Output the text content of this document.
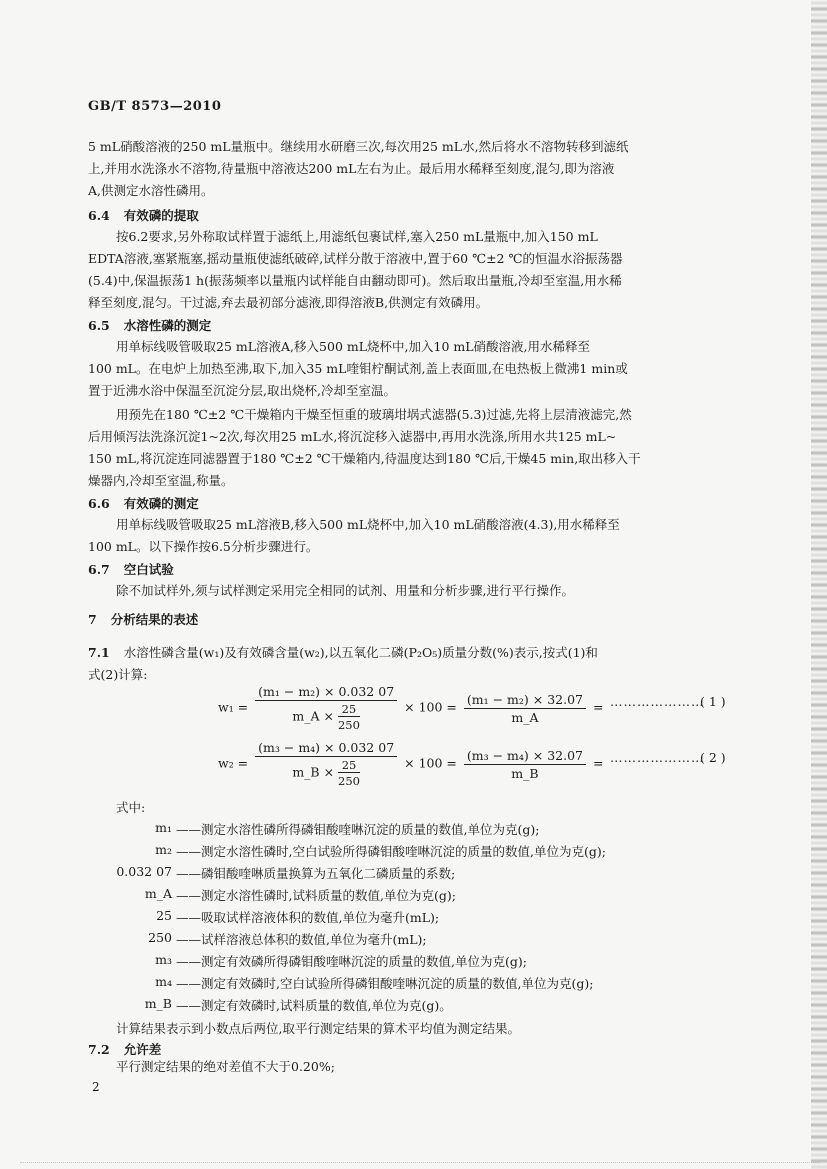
GB/T 8573—2010
5 mL硝酸溶液的250 mL量瓶中。继续用水研磨三次,每次用25 mL水,然后将水不溶物转移到滤纸
上,并用水洗涤水不溶物,待量瓶中溶液达200 mL左右为止。最后用水稀释至刻度,混匀,即为溶液
A,供测定水溶性磷用。
6.4 有效磷的提取
按6.2要求,另外称取试样置于滤纸上,用滤纸包裹试样,塞入250 mL量瓶中,加入150 mL
EDTA溶液,塞紧瓶塞,摇动量瓶使滤纸破碎,试样分散于溶液中,置于60 ℃±2 ℃的恒温水浴振荡器
(5.4)中,保温振荡1 h(振荡频率以量瓶内试样能自由翻动即可)。然后取出量瓶,冷却至室温,用水稀
释至刻度,混匀。干过滤,弃去最初部分滤液,即得溶液B,供测定有效磷用。
6.5 水溶性磷的测定
用单标线吸管吸取25 mL溶液A,移入500 mL烧杯中,加入10 mL硝酸溶液,用水稀释至
100 mL。在电炉上加热至沸,取下,加入35 mL喹钼柠酮试剂,盖上表面皿,在电热板上微沸1 min或
置于近沸水浴中保温至沉淀分层,取出烧杯,冷却至室温。
用预先在180 ℃±2 ℃干燥箱内干燥至恒重的玻璃坩埚式滤器(5.3)过滤,先将上层清液滤完,然
后用倾泻法洗涤沉淀1~2次,每次用25 mL水,将沉淀移入滤器中,再用水洗涤,所用水共125 mL~
150 mL,将沉淀连同滤器置于180 ℃±2 ℃干燥箱内,待温度达到180 ℃后,干燥45 min,取出移入干
燥器内,冷却至室温,称量。
6.6 有效磷的测定
用单标线吸管吸取25 mL溶液B,移入500 mL烧杯中,加入10 mL硝酸溶液(4.3),用水稀释至
100 mL。以下操作按6.5分析步骤进行。
6.7 空白试验
除不加试样外,须与试样测定采用完全相同的试剂、用量和分析步骤,进行平行操作。
7 分析结果的表述
7.1 水溶性磷含量(w₁)及有效磷含量(w₂),以五氧化二磷(P₂O₅)质量分数(%)表示,按式(1)和
式(2)计算:
$w_1 = \frac{\text{(m₁ − m₂) × 0.032 07}}{m\_A \times \frac{25}{250}} \times 100 = \frac{\text{(m₁ − m₂) × 32.07}}{m\_A}$ = …………………
( 1 )
$w_2 = \frac{\text{(m₃ − m₄) × 0.032 07}}{m\_B \times \frac{25}{250}} \times 100 = \frac{\text{(m₃ − m₄) × 32.07}}{m\_B}$ = …………………
( 2 )
式中:
m₁ ——测定水溶性磷所得磷钼酸喹啉沉淀的质量的数值,单位为克(g);
m₂ ——测定水溶性磷时,空白试验所得磷钼酸喹啉沉淀的质量的数值,单位为克(g);
0.032 07 ——磷钼酸喹啉质量换算为五氧化二磷质量的系数;
m_A ——测定水溶性磷时,试料质量的数值,单位为克(g);
25 ——吸取试样溶液体积的数值,单位为毫升(mL);
250 ——试样溶液总体积的数值,单位为毫升(mL);
m₃ ——测定有效磷所得磷钼酸喹啉沉淀的质量的数值,单位为克(g);
m₄ ——测定有效磷时,空白试验所得磷钼酸喹啉沉淀的质量的数值,单位为克(g);
m_B ——测定有效磷时,试料质量的数值,单位为克(g)。
计算结果表示到小数点后两位,取平行测定结果的算术平均值为测定结果。
7.2 允许差
平行测定结果的绝对差值不大于0.20%;
2
